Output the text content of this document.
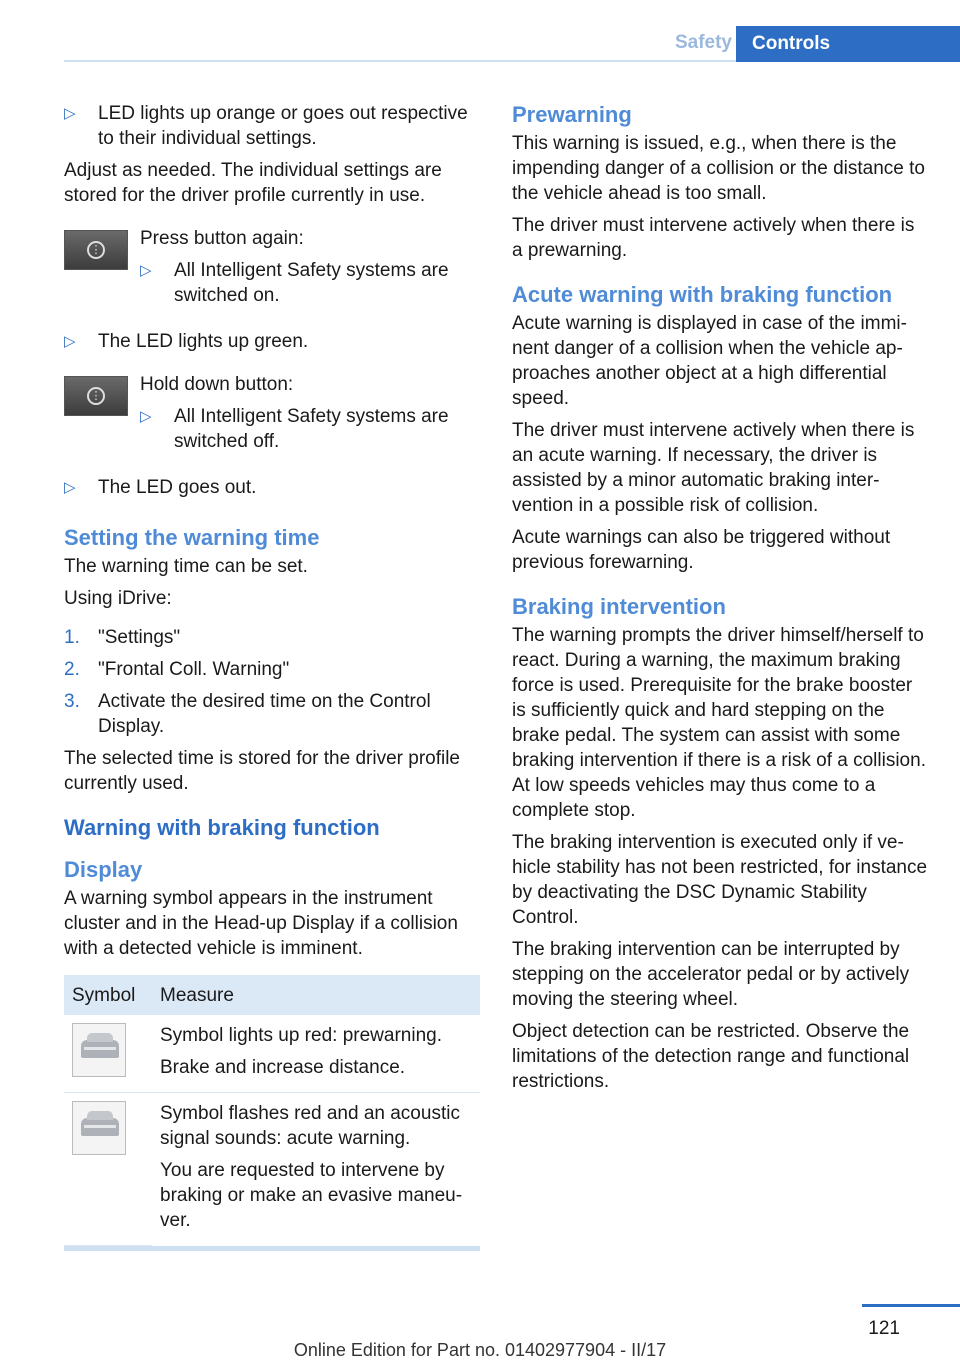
Safety	Controls
▷	LED lights up orange or goes out respective to their individual settings.

Adjust as needed. The individual settings are stored for the driver profile currently in use.

⋮

Press button again:

▷	All Intelligent Safety systems are switched on.
▷	The LED lights up green.
⋮

Hold down button:

▷	All Intelligent Safety systems are switched off.
▷	The LED goes out.
Setting the warning time

The warning time can be set.

Using iDrive:

1. "Settings"
2. "Frontal Coll. Warning"
3. Activate the desired time on the Control Display.

The selected time is stored for the driver profile currently used.

Warning with braking function
Display

A warning symbol appears in the instrument cluster and in the Head-up Display if a collision with a detected vehicle is imminent.

Symbol	Measure

	Symbol lights up red: prewarning.

Brake and increase distance.

	Symbol flashes red and an acoustic signal sounds: acute warning.

You are requested to intervene by braking or make an evasive maneuver.

Prewarning

This warning is issued, e.g., when there is the impending danger of a collision or the distance to the vehicle ahead is too small.

The driver must intervene actively when there is a prewarning.

Acute warning with braking function

Acute warning is displayed in case of the imminent danger of a collision when the vehicle approaches another object at a high differential speed.

The driver must intervene actively when there is an acute warning. If necessary, the driver is assisted by a minor automatic braking intervention in a possible risk of collision.

Acute warnings can also be triggered without previous forewarning.

Braking intervention

The warning prompts the driver himself/herself to react. During a warning, the maximum braking force is used. Prerequisite for the brake booster is sufficiently quick and hard stepping on the brake pedal. The system can assist with some braking intervention if there is a risk of a collision. At low speeds vehicles may thus come to a complete stop.

The braking intervention is executed only if vehicle stability has not been restricted, for instance by deactivating the DSC Dynamic Stability Control.

The braking intervention can be interrupted by stepping on the accelerator pedal or by actively moving the steering wheel.

Object detection can be restricted. Observe the limitations of the detection range and functional restrictions.

121
Online Edition for Part no. 01402977904 - II/17
